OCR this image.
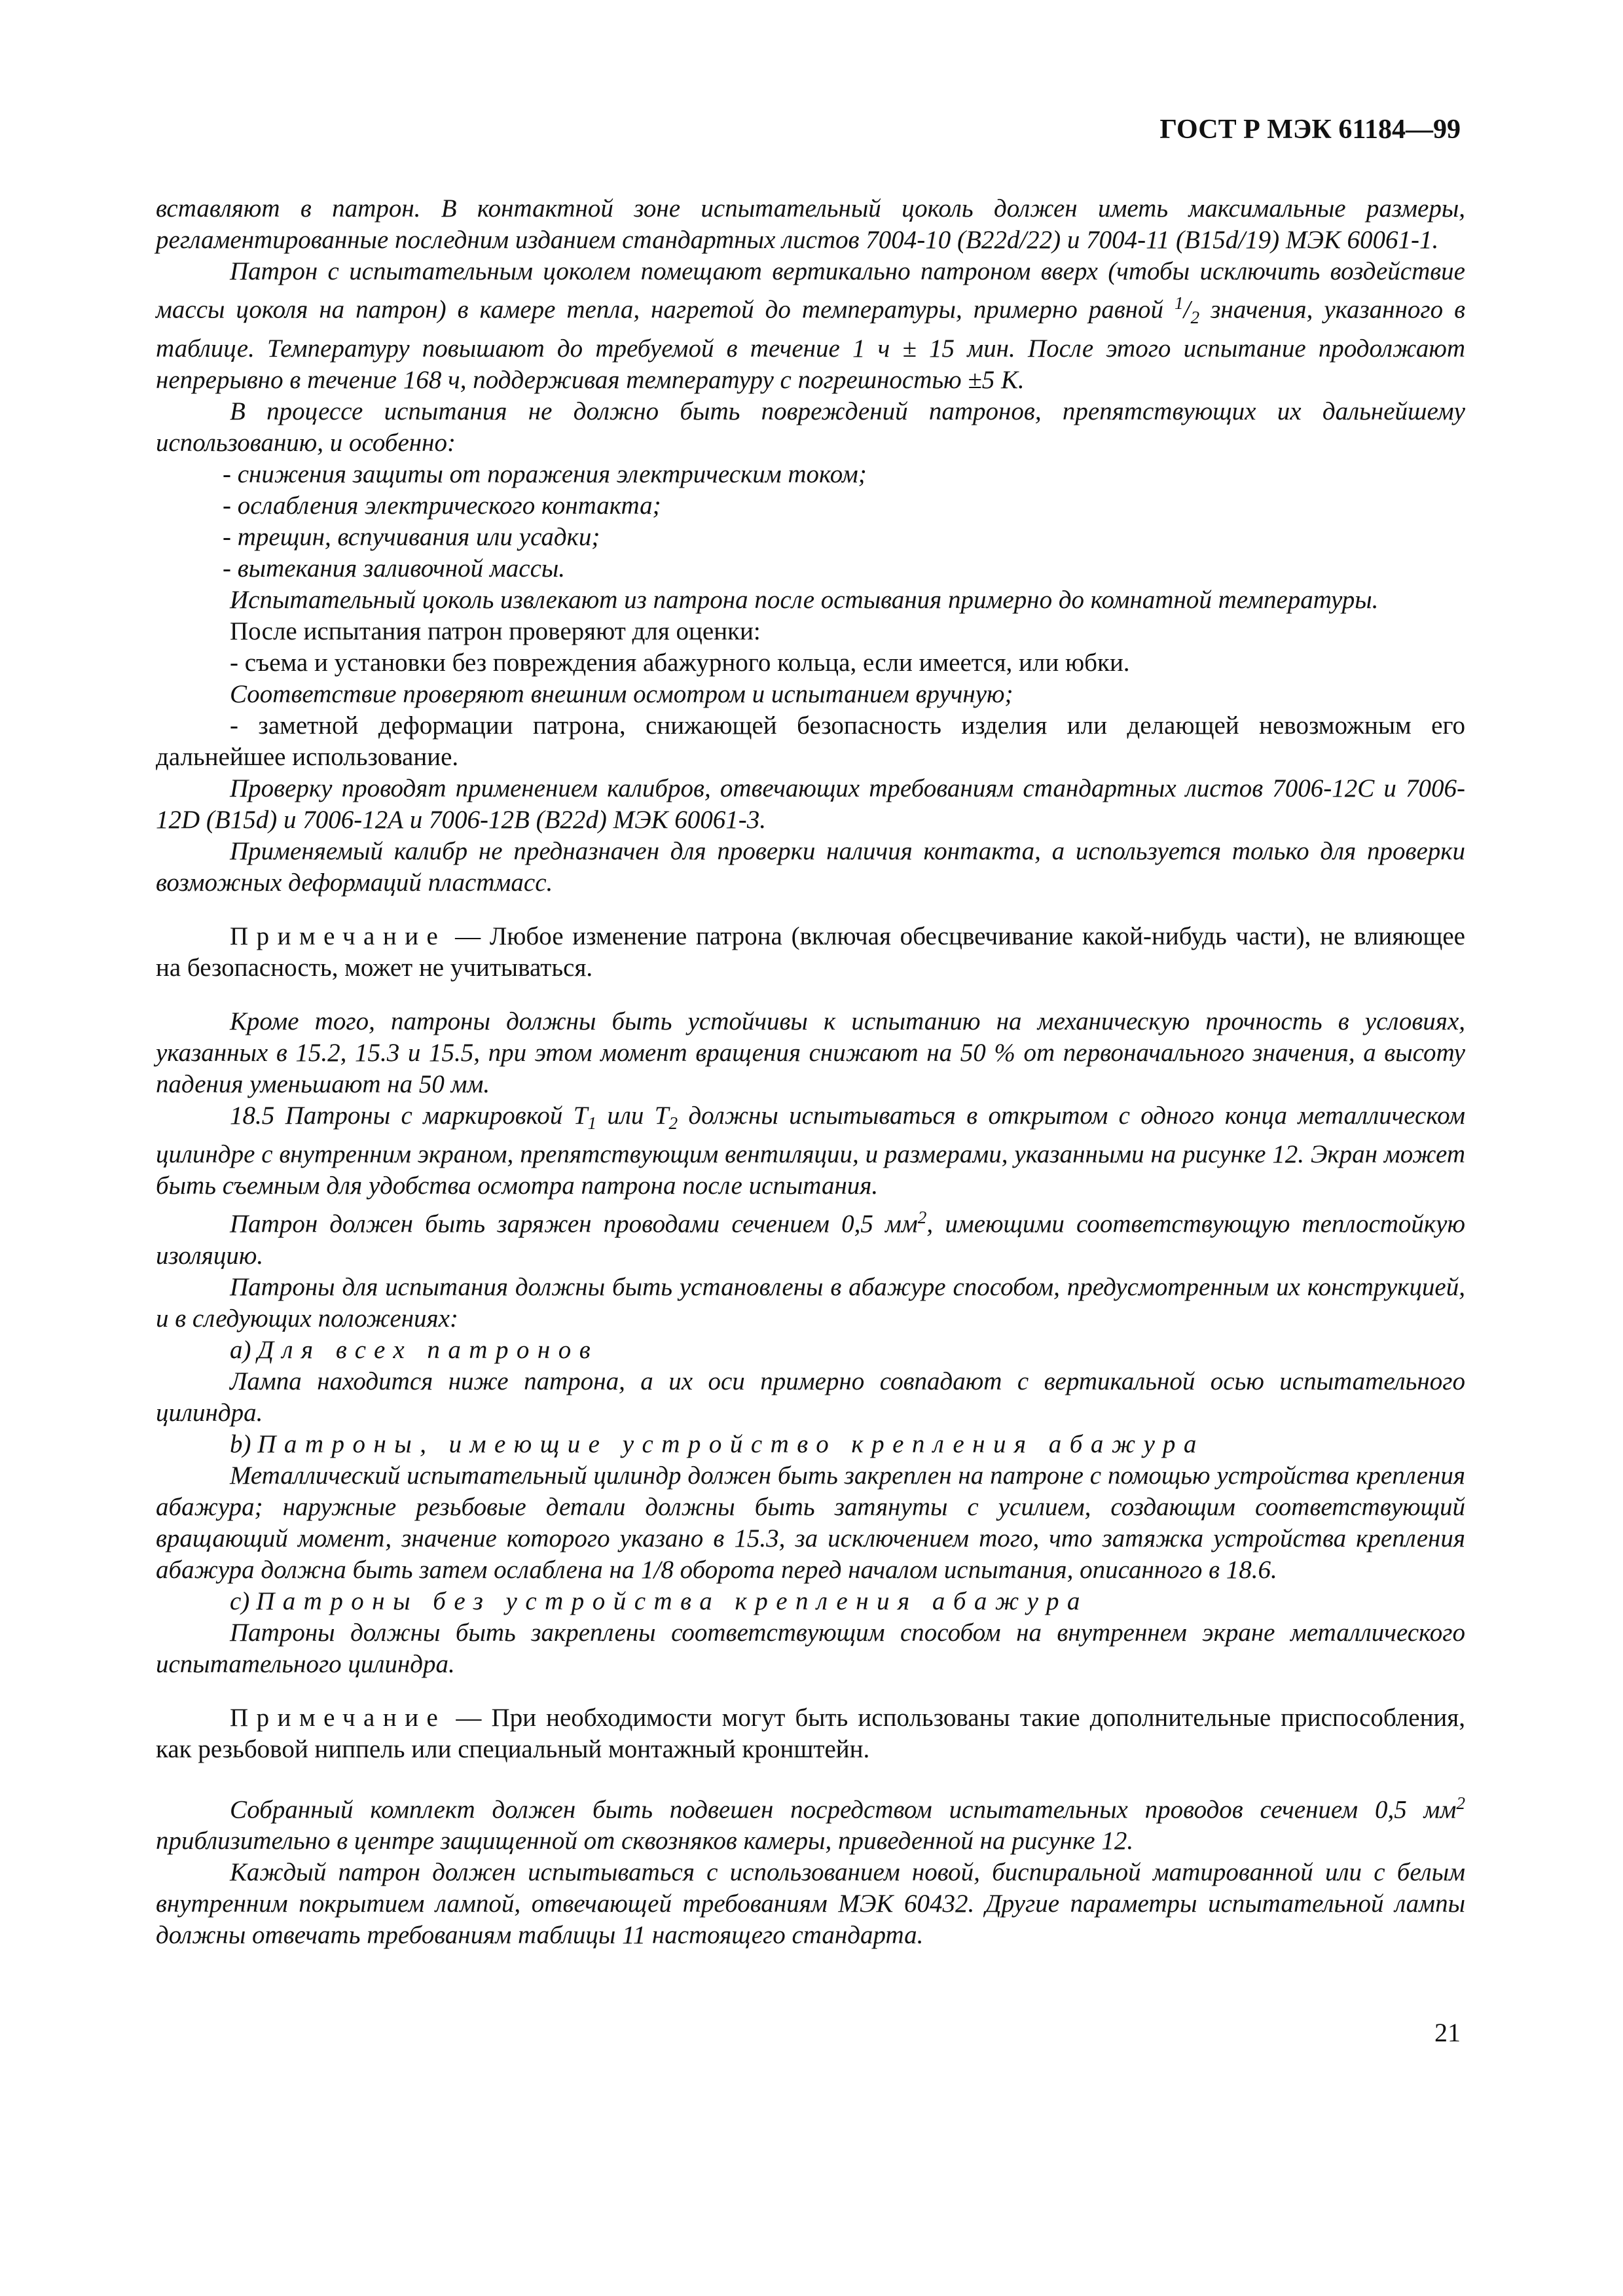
ГОСТ Р МЭК 61184—99

вставляют в патрон. В контактной зоне испытательный цоколь должен иметь максимальные размеры, регламентированные последним изданием стандартных листов 7004-10 (B22d/22) и 7004-11 (B15d/19) МЭК 60061-1.

Патрон с испытательным цоколем помещают вертикально патроном вверх (чтобы исключить воздействие массы цоколя на патрон) в камере тепла, нагретой до температуры, примерно равной $^1/_2$ значения, указанного в таблице. Температуру повышают до требуемой в течение 1 ч ± 15 мин. После этого испытание продолжают непрерывно в течение 168 ч, поддерживая температуру с погрешностью ±5 К.

В процессе испытания не должно быть повреждений патронов, препятствующих их дальнейшему использованию, и особенно:

- снижения защиты от поражения электрическим током;

- ослабления электрического контакта;

- трещин, вспучивания или усадки;

- вытекания заливочной массы.

Испытательный цоколь извлекают из патрона после остывания примерно до комнатной температуры.

После испытания патрон проверяют для оценки:

- съема и установки без повреждения абажурного кольца, если имеется, или юбки.

Соответствие проверяют внешним осмотром и испытанием вручную;

- заметной деформации патрона, снижающей безопасность изделия или делающей невозможным его дальнейшее использование.

Проверку проводят применением калибров, отвечающих требованиям стандартных листов 7006-12С и 7006-12D (B15d) и 7006-12А и 7006-12В (B22d) МЭК 60061-3.

Применяемый калибр не предназначен для проверки наличия контакта, а используется только для проверки возможных деформаций пластмасс.

Примечание — Любое изменение патрона (включая обесцвечивание какой-нибудь части), не влияющее на безопасность, может не учитываться.

Кроме того, патроны должны быть устойчивы к испытанию на механическую прочность в условиях, указанных в 15.2, 15.3 и 15.5, при этом момент вращения снижают на 50 % от первоначального значения, а высоту падения уменьшают на 50 мм.

18.5 Патроны с маркировкой $T_1$ или $T_2$ должны испытываться в открытом с одного конца металлическом цилиндре с внутренним экраном, препятствующим вентиляции, и размерами, указанными на рисунке 12. Экран может быть съемным для удобства осмотра патрона после испытания.

Патрон должен быть заряжен проводами сечением 0,5 $мм^2$, имеющими соответствующую теплостойкую изоляцию.

Патроны для испытания должны быть установлены в абажуре способом, предусмотренным их конструкцией, и в следующих положениях:

а) Для всех патронов

Лампа находится ниже патрона, а их оси примерно совпадают с вертикальной осью испытательного цилиндра.

b) Патроны, имеющие устройство крепления абажура

Металлический испытательный цилиндр должен быть закреплен на патроне с помощью устройства крепления абажура; наружные резьбовые детали должны быть затянуты с усилием, создающим соответствующий вращающий момент, значение которого указано в 15.3, за исключением того, что затяжка устройства крепления абажура должна быть затем ослаблена на 1/8 оборота перед началом испытания, описанного в 18.6.

с) Патроны без устройства крепления абажура

Патроны должны быть закреплены соответствующим способом на внутреннем экране металлического испытательного цилиндра.

Примечание — При необходимости могут быть использованы такие дополнительные приспособления, как резьбовой ниппель или специальный монтажный кронштейн.

Собранный комплект должен быть подвешен посредством испытательных проводов сечением 0,5 $мм^2$ приблизительно в центре защищенной от сквозняков камеры, приведенной на рисунке 12.

Каждый патрон должен испытываться с использованием новой, биспиральной матированной или с белым внутренним покрытием лампой, отвечающей требованиям МЭК 60432. Другие параметры испытательной лампы должны отвечать требованиям таблицы 11 настоящего стандарта.

21
